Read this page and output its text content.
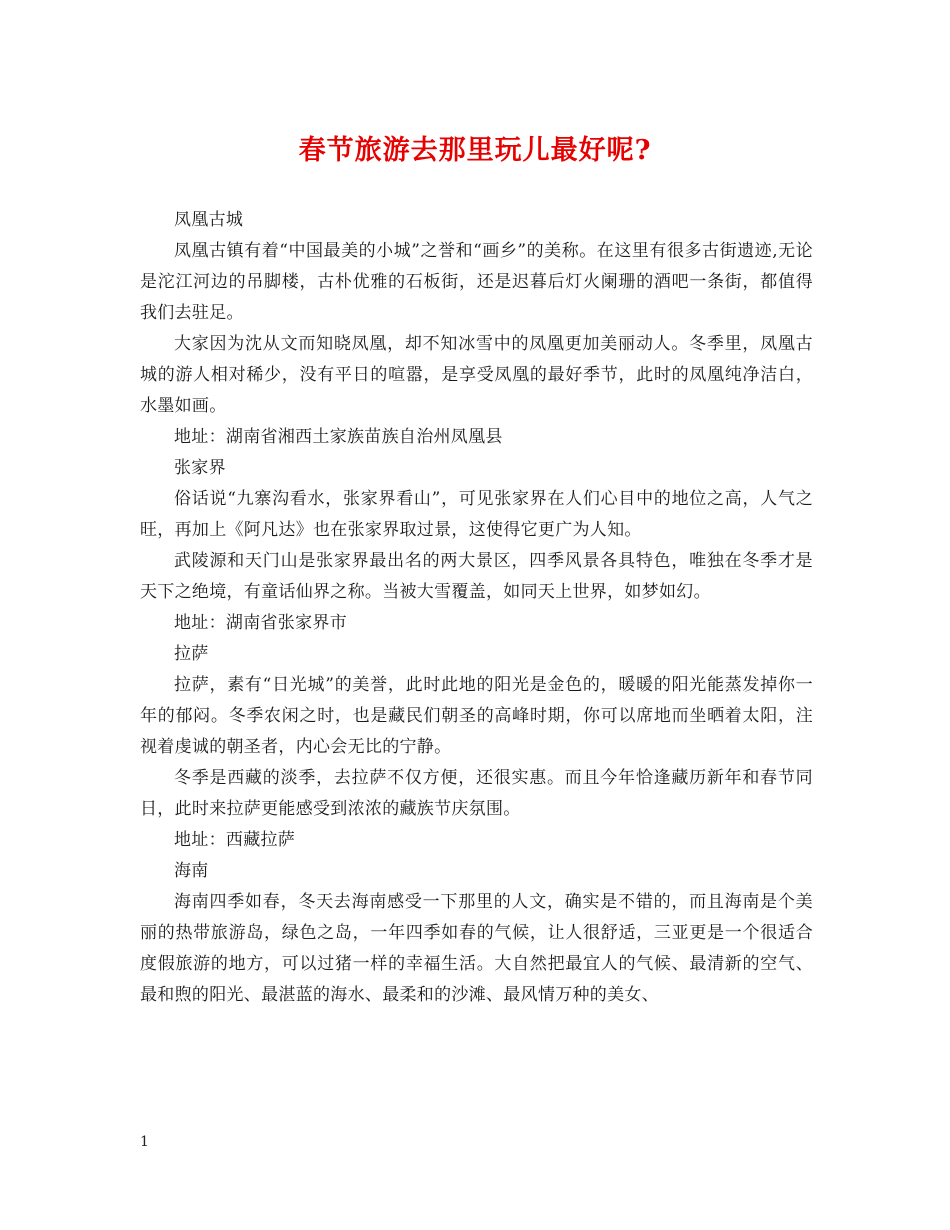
春节旅游去那里玩儿最好呢?

凤凰古城

凤凰古镇有着“中国最美的小城”之誉和“画乡”的美称。在这里有很多古街遗迹,无论是沱江河边的吊脚楼，古朴优雅的石板街，还是迟暮后灯火阑珊的酒吧一条街，都值得我们去驻足。

大家因为沈从文而知晓凤凰，却不知冰雪中的凤凰更加美丽动人。冬季里，凤凰古城的游人相对稀少，没有平日的喧嚣，是享受凤凰的最好季节，此时的凤凰纯净洁白，水墨如画。

地址：湖南省湘西土家族苗族自治州凤凰县

张家界

俗话说“九寨沟看水，张家界看山”，可见张家界在人们心目中的地位之高，人气之旺，再加上《阿凡达》也在张家界取过景，这使得它更广为人知。

武陵源和天门山是张家界最出名的两大景区，四季风景各具特色，唯独在冬季才是天下之绝境，有童话仙界之称。当被大雪覆盖，如同天上世界，如梦如幻。

地址：湖南省张家界市

拉萨

拉萨，素有“日光城”的美誉，此时此地的阳光是金色的，暖暖的阳光能蒸发掉你一年的郁闷。冬季农闲之时，也是藏民们朝圣的高峰时期，你可以席地而坐晒着太阳，注视着虔诚的朝圣者，内心会无比的宁静。

冬季是西藏的淡季，去拉萨不仅方便，还很实惠。而且今年恰逢藏历新年和春节同日，此时来拉萨更能感受到浓浓的藏族节庆氛围。

地址：西藏拉萨

海南

海南四季如春，冬天去海南感受一下那里的人文，确实是不错的，而且海南是个美丽的热带旅游岛，绿色之岛，一年四季如春的气候，让人很舒适，三亚更是一个很适合度假旅游的地方，可以过猪一样的幸福生活。大自然把最宜人的气候、最清新的空气、最和煦的阳光、最湛蓝的海水、最柔和的沙滩、最风情万种的美女、

1
